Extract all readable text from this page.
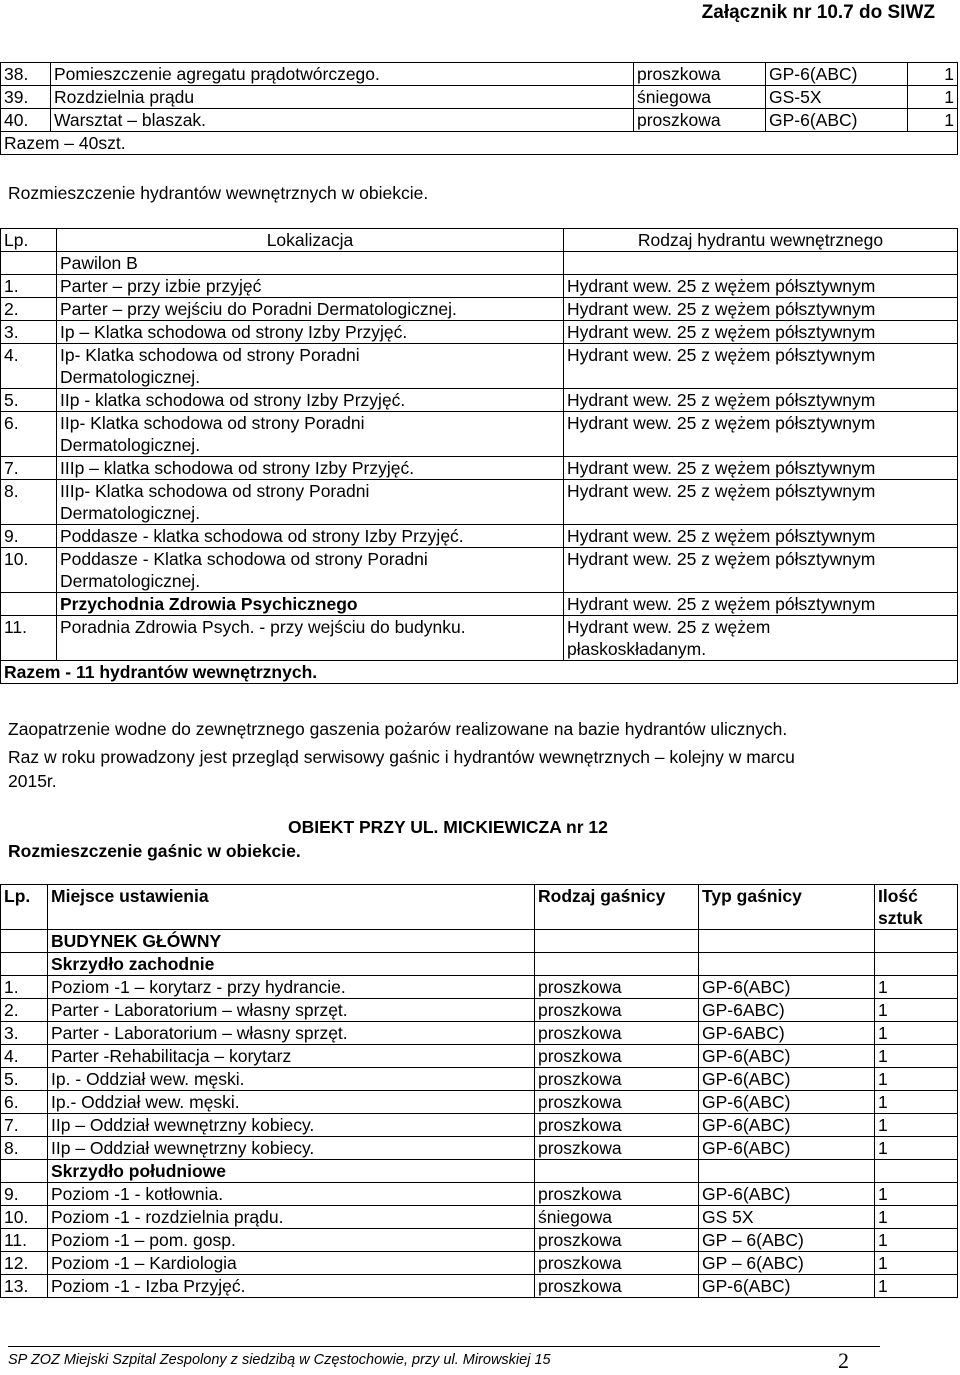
Załącznik nr 10.7 do SIWZ
38.	Pomieszczenie agregatu prądotwórczego.	proszkowa	GP-6(ABC)	1

39.	Rozdzielnia prądu	śniegowa	GS-5X	1

40.	Warsztat – blaszak.	proszkowa	GP-6(ABC)	1

Razem – 40szt.				
Rozmieszczenie hydrantów wewnętrznych w obiekcie.
Lp.	Lokalizacja	Rodzaj hydrantu wewnętrznego
	Pawilon B	

1.	Parter – przy izbie przyjęć	Hydrant wew. 25 z wężem półsztywnym

2.	Parter – przy wejściu do Poradni Dermatologicznej.	Hydrant wew. 25 z wężem półsztywnym

3.	Ip – Klatka schodowa od strony Izby Przyjęć.	Hydrant wew. 25 z wężem półsztywnym

4.	Ip- Klatka schodowa od strony Poradni
Dermatologicznej.	Hydrant wew. 25 z wężem półsztywnym

5.	IIp - klatka schodowa od strony Izby Przyjęć.	Hydrant wew. 25 z wężem półsztywnym

6.	IIp- Klatka schodowa od strony Poradni
Dermatologicznej.	Hydrant wew. 25 z wężem półsztywnym

7.	IIIp – klatka schodowa od strony Izby Przyjęć.	Hydrant wew. 25 z wężem półsztywnym

8.	IIIp- Klatka schodowa od strony Poradni
Dermatologicznej.	Hydrant wew. 25 z wężem półsztywnym

9.	Poddasze - klatka schodowa od strony Izby Przyjęć.	Hydrant wew. 25 z wężem półsztywnym

10.	Poddasze - Klatka schodowa od strony Poradni
Dermatologicznej.	Hydrant wew. 25 z wężem półsztywnym

	Przychodnia Zdrowia Psychicznego	Hydrant wew. 25 z wężem półsztywnym

11.	Poradnia Zdrowia Psych. - przy wejściu do budynku.	Hydrant wew. 25 z wężem
płaskoskładanym.

Razem - 11 hydrantów wewnętrznych.		
Zaopatrzenie wodne do zewnętrznego gaszenia pożarów realizowane na bazie hydrantów ulicznych.
Raz w roku prowadzony jest przegląd serwisowy gaśnic i hydrantów wewnętrznych – kolejny w marcu
2015r.
OBIEKT PRZY UL. MICKIEWICZA nr 12
Rozmieszczenie gaśnic w obiekcie.
Lp.	Miejsce ustawienia	Rodzaj gaśnicy	Typ gaśnicy	Ilość
sztuk

	BUDYNEK GŁÓWNY			

	Skrzydło zachodnie			

1.	Poziom -1 – korytarz - przy hydrancie.	proszkowa	GP-6(ABC)	1

2.	Parter - Laboratorium – własny sprzęt.	proszkowa	GP-6ABC)	1

3.	Parter - Laboratorium – własny sprzęt.	proszkowa	GP-6ABC)	1

4.	Parter -Rehabilitacja – korytarz	proszkowa	GP-6(ABC)	1

5.	Ip. - Oddział wew. męski.	proszkowa	GP-6(ABC)	1

6.	Ip.- Oddział wew. męski.	proszkowa	GP-6(ABC)	1

7.	IIp – Oddział wewnętrzny kobiecy.	proszkowa	GP-6(ABC)	1

8.	IIp – Oddział wewnętrzny kobiecy.	proszkowa	GP-6(ABC)	1

	Skrzydło południowe			

9.	Poziom -1 - kotłownia.	proszkowa	GP-6(ABC)	1

10.	Poziom -1 - rozdzielnia prądu.	śniegowa	GS 5X	1

11.	Poziom -1 – pom. gosp.	proszkowa	GP – 6(ABC)	1

12.	Poziom -1 – Kardiologia	proszkowa	GP – 6(ABC)	1

13.	Poziom -1 - Izba Przyjęć.	proszkowa	GP-6(ABC)	1
SP ZOZ Miejski Szpital Zespolony z siedzibą w Częstochowie, przy ul. Mirowskiej 15	2
